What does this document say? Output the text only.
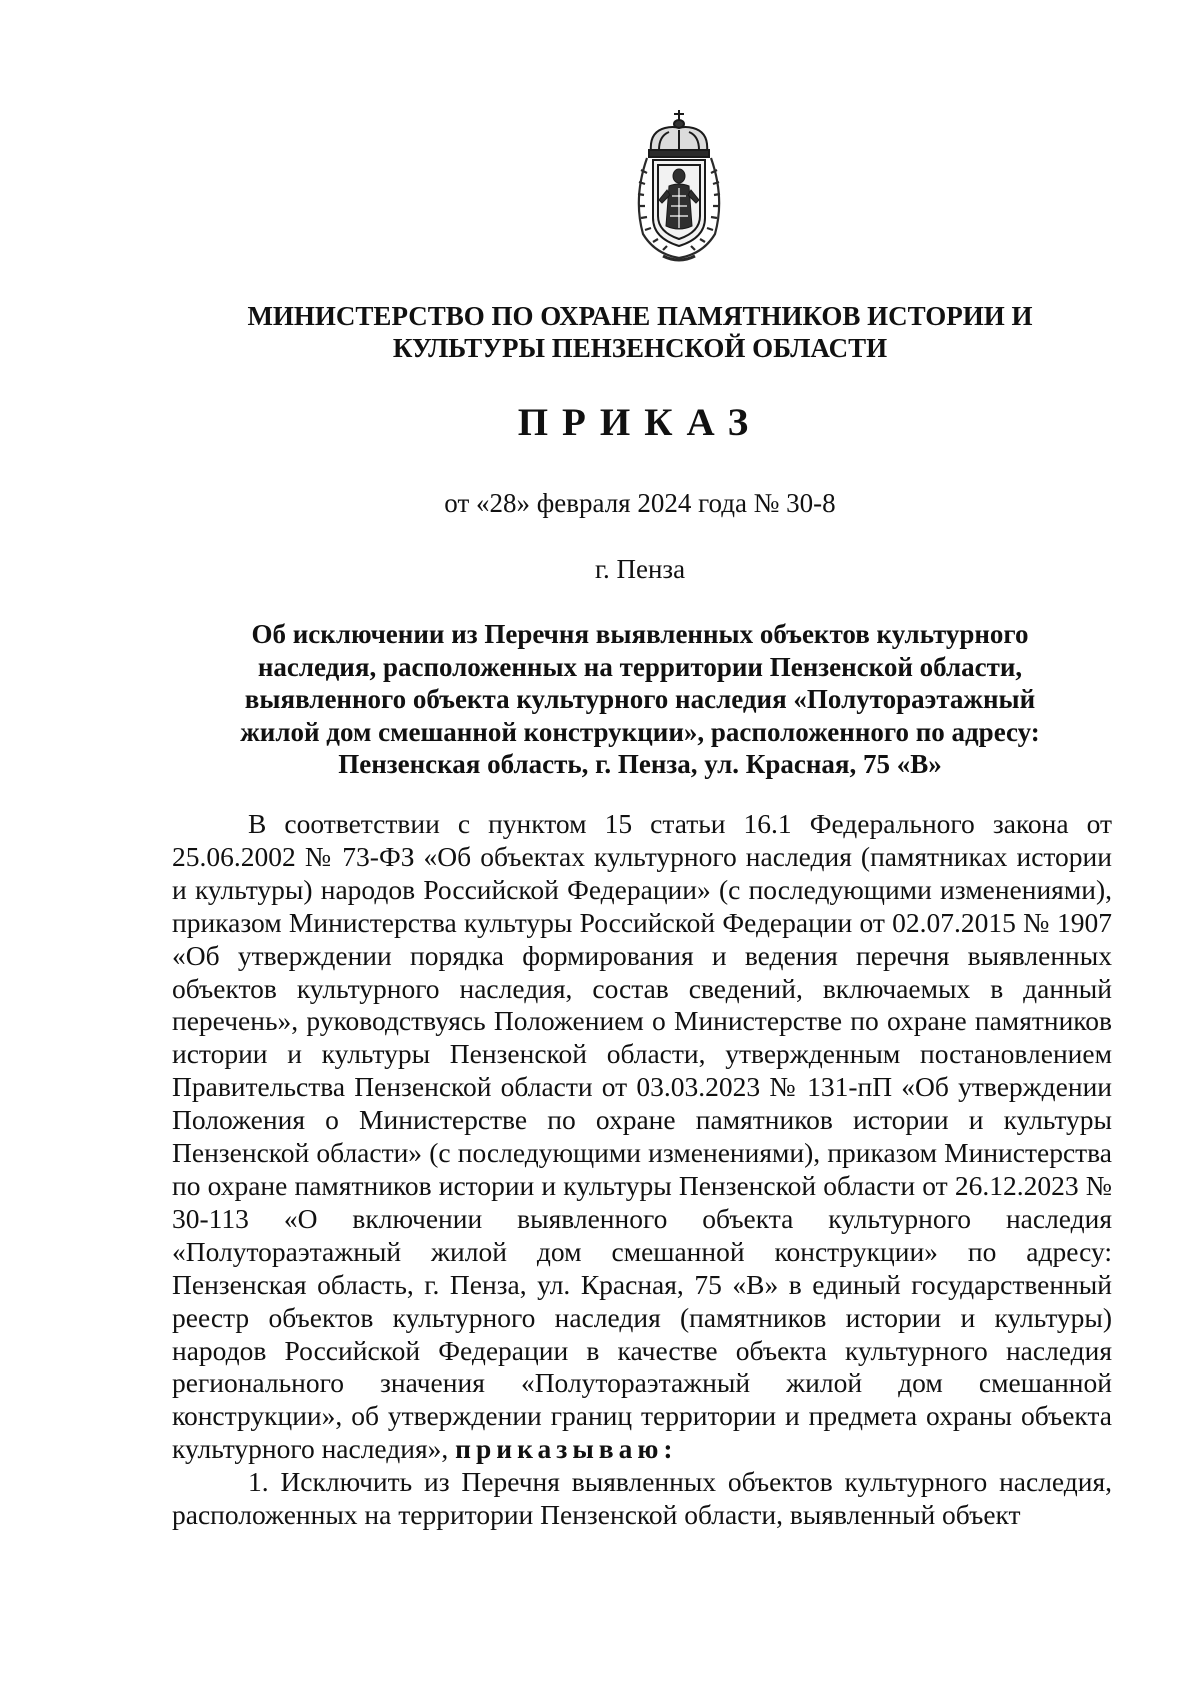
МИНИСТЕРСТВО ПО ОХРАНЕ ПАМЯТНИКОВ ИСТОРИИ И
КУЛЬТУРЫ ПЕНЗЕНСКОЙ ОБЛАСТИ
ПРИКАЗ
от «28» февраля 2024 года № 30-8
г. Пенза
Об исключении из Перечня выявленных объектов культурного
наследия, расположенных на территории Пензенской области,
выявленного объекта культурного наследия «Полутораэтажный
жилой дом смешанной конструкции», расположенного по адресу:
Пензенская область, г. Пенза, ул. Красная, 75 «В»

В соответствии с пунктом 15 статьи 16.1 Федерального закона от 25.06.2002 № 73-ФЗ «Об объектах культурного наследия (памятниках истории и культуры) народов Российской Федерации» (с последующими изменениями), приказом Министерства культуры Российской Федерации от 02.07.2015 № 1907 «Об утверждении порядка формирования и ведения перечня выявленных объектов культурного наследия, состав сведений, включаемых в данный перечень», руководствуясь Положением о Министерстве по охране памятников истории и культуры Пензенской области, утвержденным постановлением Правительства Пензенской области от 03.03.2023 № 131-пП «Об утверждении Положения о Министерстве по охране памятников истории и культуры Пензенской области» (с последующими изменениями), приказом Министерства по охране памятников истории и культуры Пензенской области от 26.12.2023 № 30-113 «О включении выявленного объекта культурного наследия «Полутораэтажный жилой дом смешанной конструкции» по адресу: Пензенская область, г. Пенза, ул. Красная, 75 «В» в единый государственный реестр объектов культурного наследия (памятников истории и культуры) народов Российской Федерации в качестве объекта культурного наследия регионального значения «Полутораэтажный жилой дом смешанной конструкции», об утверждении границ территории и предмета охраны объекта культурного наследия», приказываю:

1. Исключить из Перечня выявленных объектов культурного наследия, расположенных на территории Пензенской области, выявленный объект
